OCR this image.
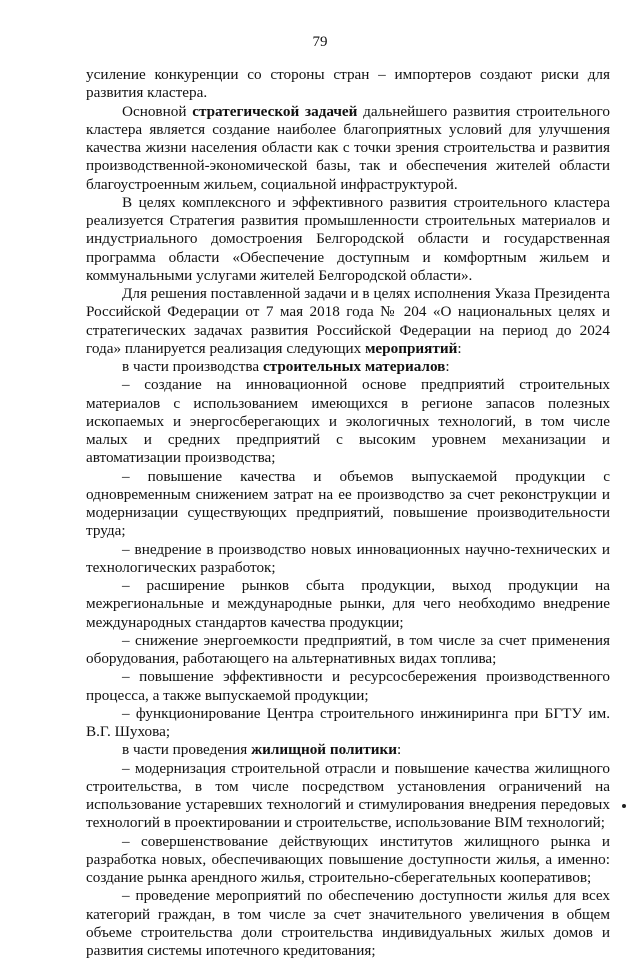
79

усиление конкуренции со стороны стран – импортеров создают риски для развития кластера.

Основной стратегической задачей дальнейшего развития строительного кластера является создание наиболее благоприятных условий для улучшения качества жизни населения области как с точки зрения строительства и развития производственной-экономической базы, так и обеспечения жителей области благоустроенным жильем, социальной инфраструктурой.

В целях комплексного и эффективного развития строительного кластера реализуется Стратегия развития промышленности строительных материалов и индустриального домостроения Белгородской области и государственная программа области «Обеспечение доступным и комфортным жильем и коммунальными услугами жителей Белгородской области».

Для решения поставленной задачи и в целях исполнения Указа Президента Российской Федерации от 7 мая 2018 года № 204 «О национальных целях и стратегических задачах развития Российской Федерации на период до 2024 года» планируется реализация следующих мероприятий:

в части производства строительных материалов:

– создание на инновационной основе предприятий строительных материалов с использованием имеющихся в регионе запасов полезных ископаемых и энергосберегающих и экологичных технологий, в том числе малых и средних предприятий с высоким уровнем механизации и автоматизации производства;

– повышение качества и объемов выпускаемой продукции с одновременным снижением затрат на ее производство за счет реконструкции и модернизации существующих предприятий, повышение производительности труда;

– внедрение в производство новых инновационных научно-технических и технологических разработок;

– расширение рынков сбыта продукции, выход продукции на межрегиональные и международные рынки, для чего необходимо внедрение международных стандартов качества продукции;

– снижение энергоемкости предприятий, в том числе за счет применения оборудования, работающего на альтернативных видах топлива;

– повышение эффективности и ресурсосбережения производственного процесса, а также выпускаемой продукции;

– функционирование Центра строительного инжиниринга при БГТУ им. В.Г. Шухова;

в части проведения жилищной политики:

– модернизация строительной отрасли и повышение качества жилищного строительства, в том числе посредством установления ограничений на использование устаревших технологий и стимулирования внедрения передовых технологий в проектировании и строительстве, использование BIM технологий;

– совершенствование действующих институтов жилищного рынка и разработка новых, обеспечивающих повышение доступности жилья, а именно: создание рынка арендного жилья, строительно-сберегательных кооперативов;

– проведение мероприятий по обеспечению доступности жилья для всех категорий граждан, в том числе за счет значительного увеличения в общем объеме строительства доли строительства индивидуальных жилых домов и развития системы ипотечного кредитования;
